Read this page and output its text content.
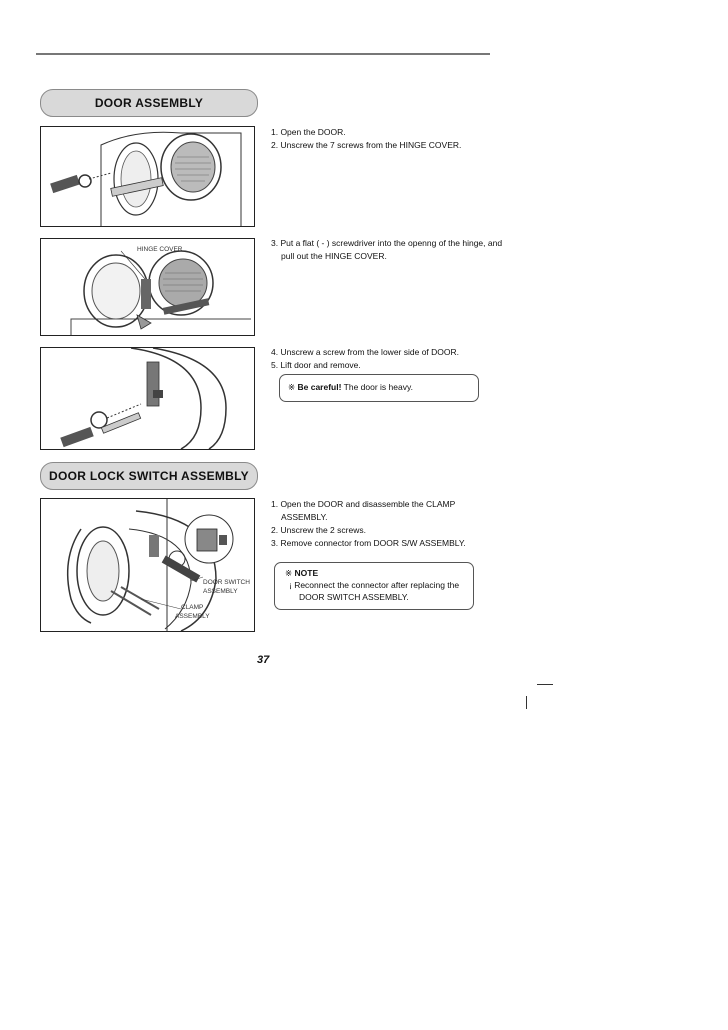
DOOR ASSEMBLY
1. Open the DOOR.
2. Unscrew the 7 screws from the HINGE COVER.
HINGE COVER
3. Put a flat ( - ) screwdriver into the openng of the hinge, and
pull out the HINGE COVER.
4. Unscrew a screw from the lower side of DOOR.
5. Lift door and remove.
※ Be careful! The door is heavy.
DOOR LOCK SWITCH ASSEMBLY
DOOR SWITCH
ASSEMBLY
CLAMP
ASSEMBLY
1. Open the DOOR and disassemble the CLAMP
ASSEMBLY.
2. Unscrew the 2 screws.
3. Remove connector from DOOR S/W ASSEMBLY.
※ NOTE
¡ Reconnect the connector after replacing the
DOOR SWITCH ASSEMBLY.
37
